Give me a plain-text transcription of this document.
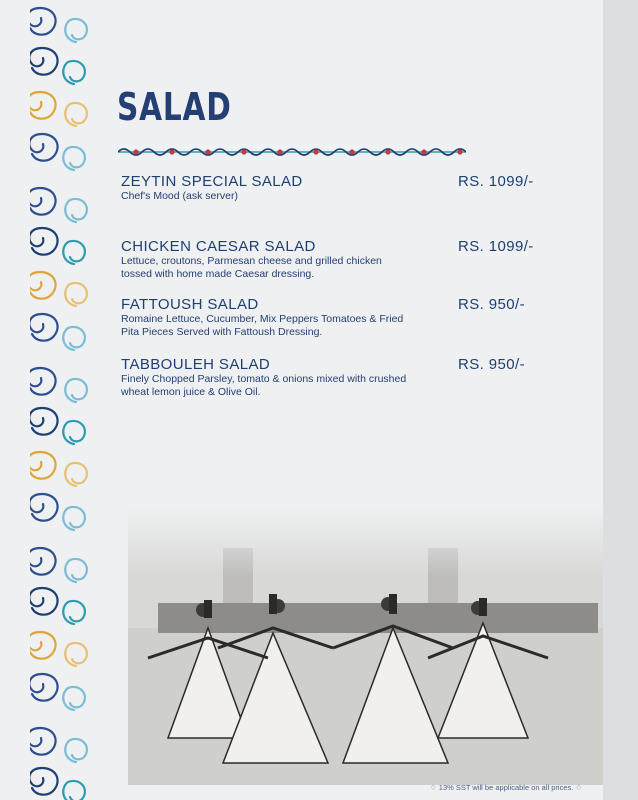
SALAD
ZEYTIN SPECIAL SALAD	RS. 1099/-
Chef's Mood (ask server)
CHICKEN CAESAR SALAD	RS. 1099/-
Lettuce, croutons, Parmesan cheese and grilled chicken tossed with home made Caesar dressing.
FATTOUSH SALAD	RS. 950/-
Romaine Lettuce, Cucumber, Mix Peppers Tomatoes & Fried Pita Pieces Served with Fattoush Dressing.
TABBOULEH SALAD	RS. 950/-
Finely Chopped Parsley, tomato & onions mixed with crushed wheat lemon juice & Olive Oil.
♢ 13% SST will be applicable on all prices. ♢
